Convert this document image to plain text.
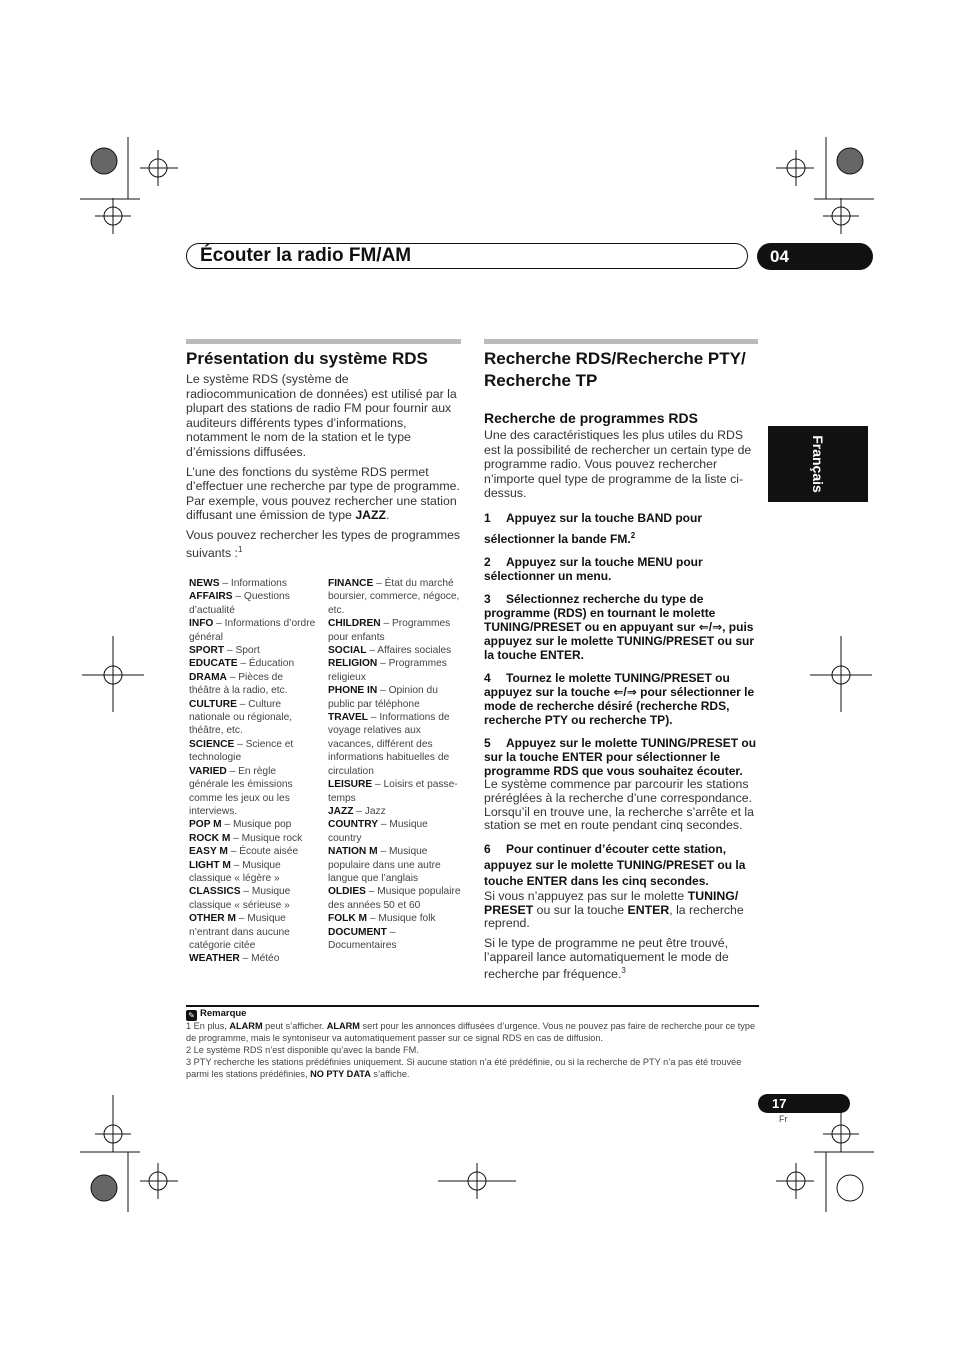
Écouter la radio FM/AM	04
Français
Présentation du système RDS

Le système RDS (système de radiocommunication de données) est utilisé par la plupart des stations de radio FM pour fournir aux auditeurs différents types d’informations, notamment le nom de la station et le type d’émissions diffusées.

L’une des fonctions du système RDS permet d’effectuer une recherche par type de programme. Par exemple, vous pouvez rechercher une station diffusant une émission de type JAZZ.

Vous pouvez rechercher les types de programmes suivants :$^1$

NEWS – Informations
AFFAIRS – Questions d’actualité
INFO – Informations d’ordre général
SPORT – Sport
EDUCATE – Éducation
DRAMA – Pièces de théâtre à la radio, etc.
CULTURE – Culture nationale ou régionale, théâtre, etc.
SCIENCE – Science et technologie
VARIED – En règle générale les émissions comme les jeux ou les interviews.
POP M – Musique pop
ROCK M – Musique rock
EASY M – Écoute aisée
LIGHT M – Musique classique « légère »
CLASSICS – Musique classique « sérieuse »
OTHER M – Musique n’entrant dans aucune catégorie citée
WEATHER – Météo
FINANCE – État du marché boursier, commerce, négoce, etc.
CHILDREN – Programmes pour enfants
SOCIAL – Affaires sociales
RELIGION – Programmes religieux
PHONE IN – Opinion du public par téléphone
TRAVEL – Informations de voyage relatives aux vacances, différent des informations habituelles de circulation
LEISURE – Loisirs et passe-temps
JAZZ – Jazz
COUNTRY – Musique country
NATION M – Musique populaire dans une autre langue que l’anglais
OLDIES – Musique populaire des années 50 et 60
FOLK M – Musique folk
DOCUMENT – Documentaires
Recherche RDS/Recherche PTY/
Recherche TP
Recherche de programmes RDS

Une des caractéristiques les plus utiles du RDS est la possibilité de rechercher un certain type de programme radio. Vous pouvez rechercher n’importe quel type de programme de la liste ci-dessus.

1 Appuyez sur la touche BAND pour sélectionner la bande FM.$^2$

2 Appuyez sur la touche MENU pour sélectionner un menu.

3 Sélectionnez recherche du type de programme (RDS) en tournant le molette TUNING/PRESET ou en appuyant sur ⇐/⇒, puis appuyez sur le molette TUNING/PRESET ou sur la touche ENTER.

4 Tournez le molette TUNING/PRESET ou appuyez sur la touche ⇐/⇒ pour sélectionner le mode de recherche désiré (recherche RDS, recherche PTY ou recherche TP).

5 Appuyez sur le molette TUNING/PRESET ou sur la touche ENTER pour sélectionner le programme RDS que vous souhaitez écouter.

Le système commence par parcourir les stations préréglées à la recherche d’une correspondance. Lorsqu’il en trouve une, la recherche s’arrête et la station se met en route pendant cinq secondes.

6 Pour continuer d’écouter cette station, appuyez sur le molette TUNING/PRESET ou la touche ENTER dans les cinq secondes.

Si vous n’appuyez pas sur le molette TUNING/ PRESET ou sur la touche ENTER, la recherche reprend.

Si le type de programme ne peut être trouvé, l’appareil lance automatiquement le mode de recherche par fréquence.$^3$

✎ Remarque
1 En plus, ALARM peut s’afficher. ALARM sert pour les annonces diffusées d’urgence. Vous ne pouvez pas faire de recherche pour ce type de programme, mais le syntoniseur va automatiquement passer sur ce signal RDS en cas de diffusion.
2 Le système RDS n’est disponible qu’avec la bande FM.
3 PTY recherche les stations prédéfinies uniquement. Si aucune station n’a été prédéfinie, ou si la recherche de PTY n’a pas été trouvée parmi les stations prédéfinies, NO PTY DATA s’affiche.
17
Fr
